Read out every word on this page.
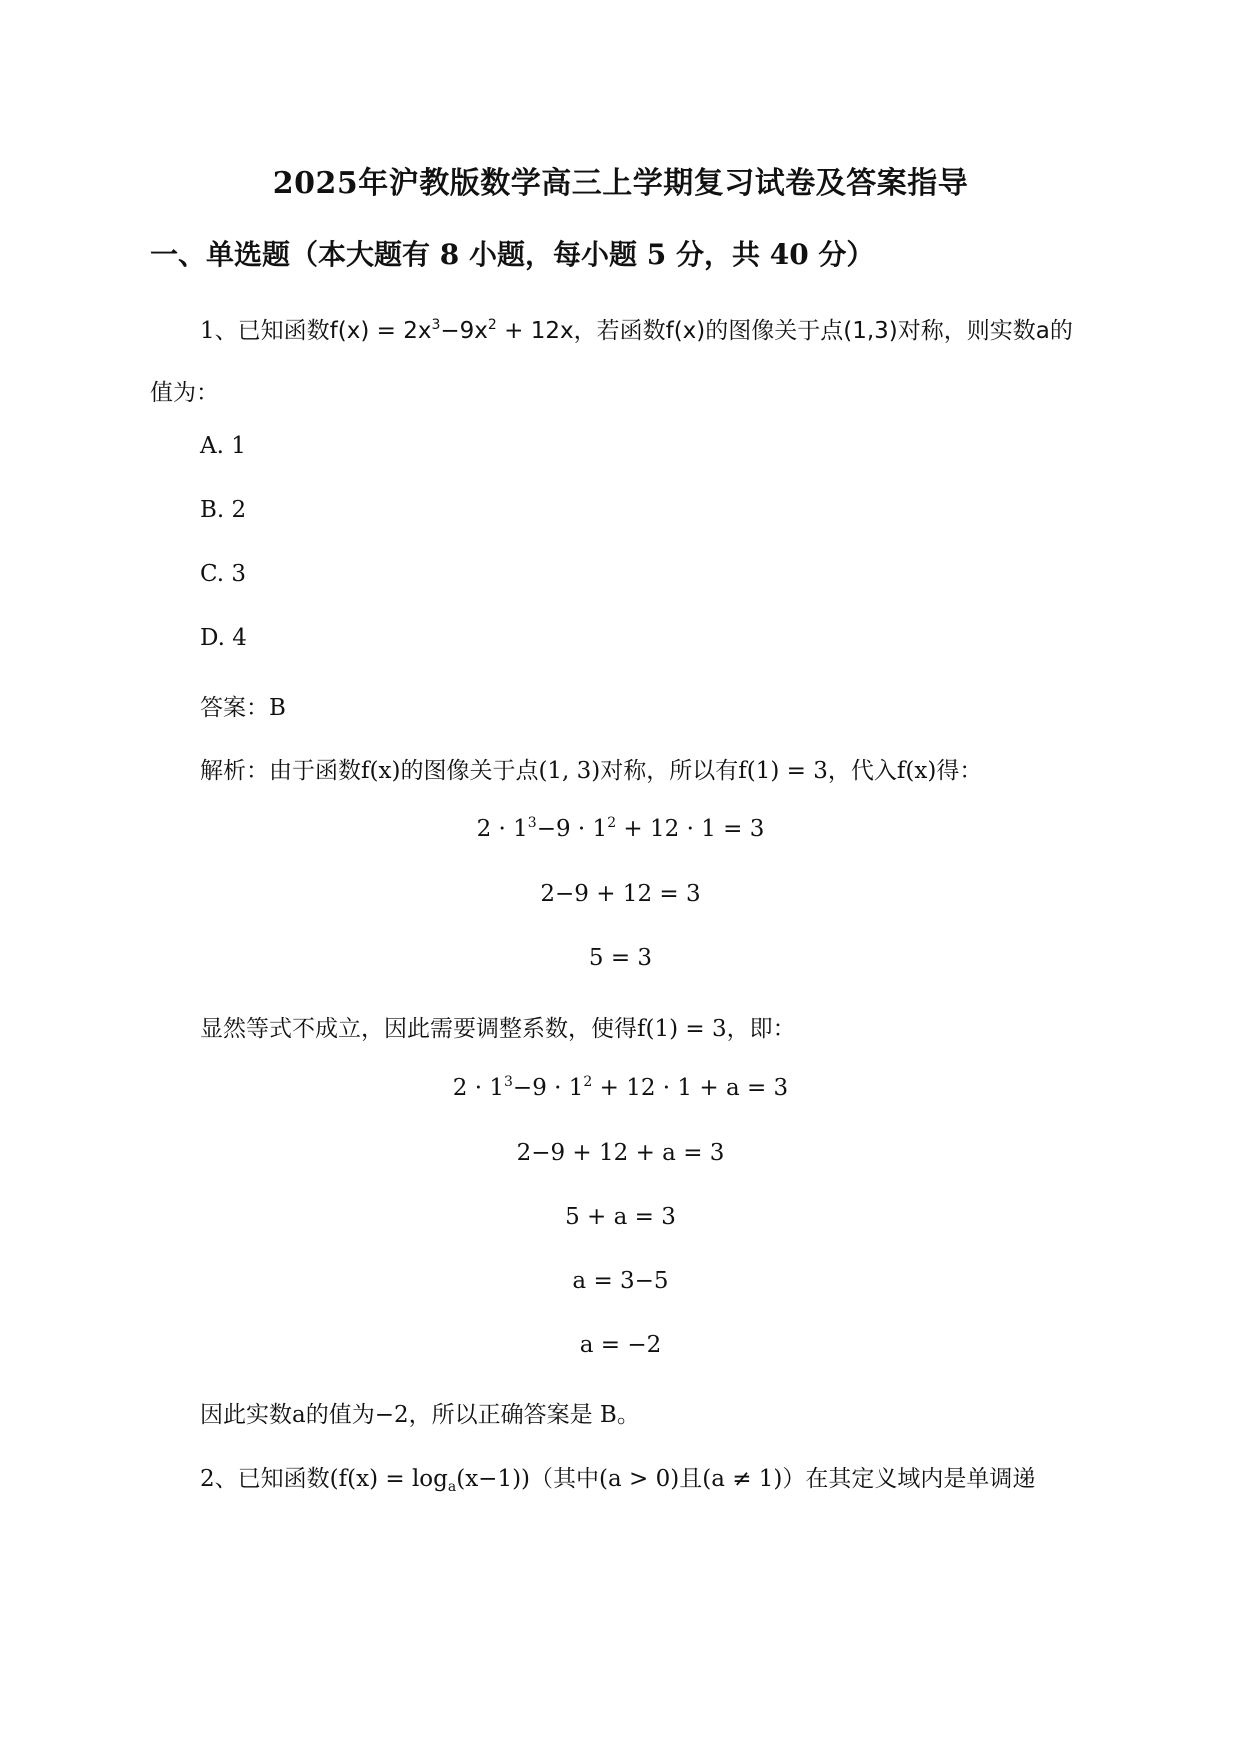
2025年沪教版数学高三上学期复习试卷及答案指导
一、单选题（本大题有 8 小题，每小题 5 分，共 40 分）
1、已知函数$f(x) = 2x^3-9x^2 + 12x$，若函数f(x)的图像关于点(1,3)对称，则实数a的
值为：
A. 1
B. 2
C. 3
D. 4
答案：B
解析：由于函数f(x)的图像关于点(1, 3)对称，所以有f(1) = 3，代入f(x)得：
$2 \cdot 1^3-9 \cdot 1^2 + 12 \cdot 1 = 3$
2−9 + 12 = 3
5 = 3
显然等式不成立，因此需要调整系数，使得f(1) = 3，即：
$2 \cdot 1^3-9 \cdot 1^2 + 12 \cdot 1 + a = 3$
2−9 + 12 + a = 3
5 + a = 3
a = 3−5
a = −2
因此实数a的值为−2，所以正确答案是 B。
2、已知函数$(f(x) = \log_a(x-1))$（其中(a > 0)且(a ≠ 1)）在其定义域内是单调递
